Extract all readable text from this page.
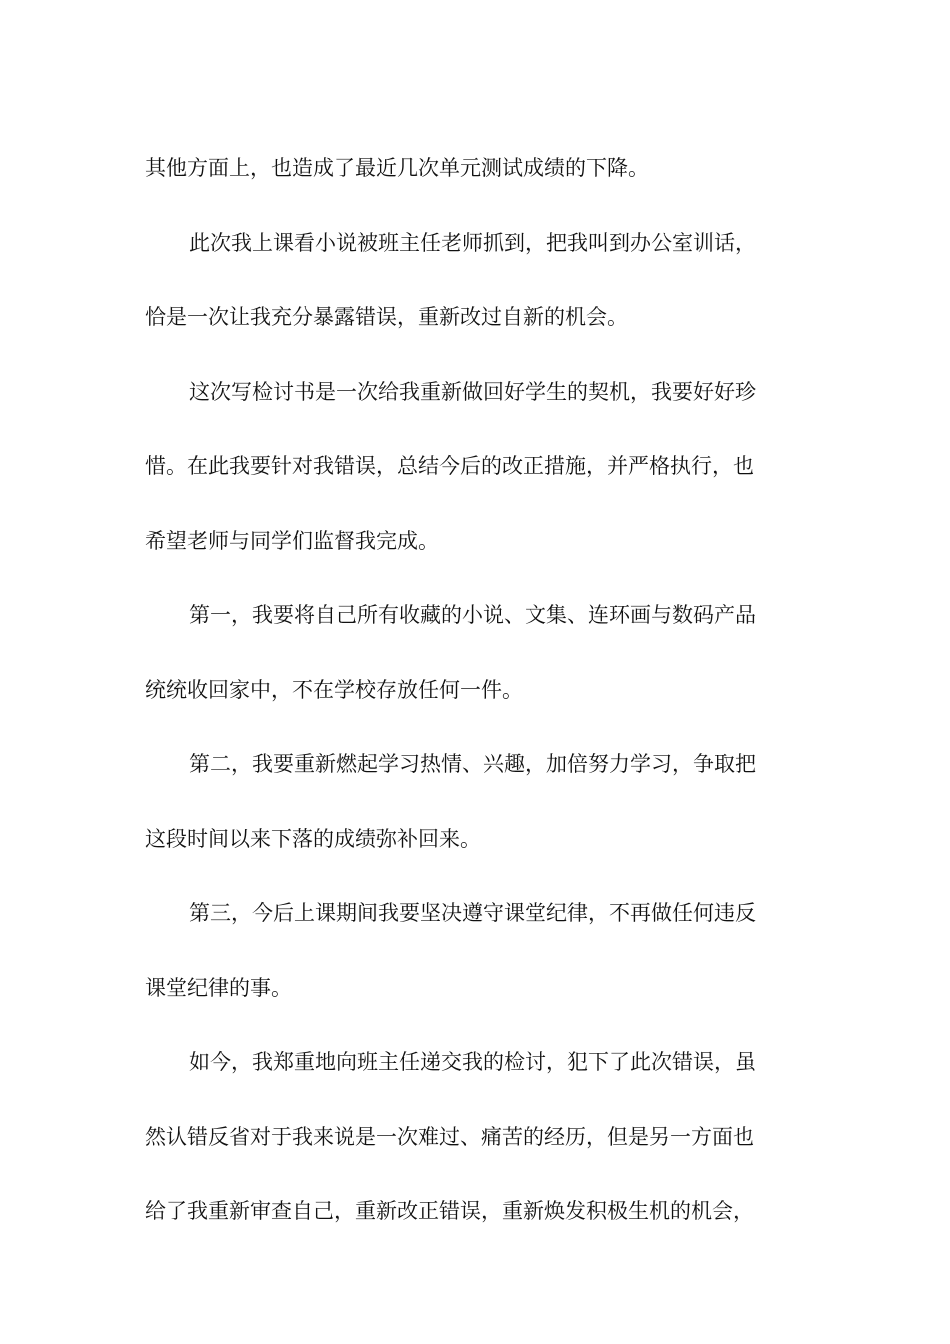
其他方面上，也造成了最近几次单元测试成绩的下降。
此次我上课看小说被班主任老师抓到，把我叫到办公室训话，
恰是一次让我充分暴露错误，重新改过自新的机会。
这次写检讨书是一次给我重新做回好学生的契机，我要好好珍
惜。在此我要针对我错误，总结今后的改正措施，并严格执行，也
希望老师与同学们监督我完成。
第一，我要将自己所有收藏的小说、文集、连环画与数码产品
统统收回家中，不在学校存放任何一件。
第二，我要重新燃起学习热情、兴趣，加倍努力学习，争取把
这段时间以来下落的成绩弥补回来。
第三，今后上课期间我要坚决遵守课堂纪律，不再做任何违反
课堂纪律的事。
如今，我郑重地向班主任递交我的检讨，犯下了此次错误，虽
然认错反省对于我来说是一次难过、痛苦的经历，但是另一方面也
给了我重新审查自己，重新改正错误，重新焕发积极生机的机会，
